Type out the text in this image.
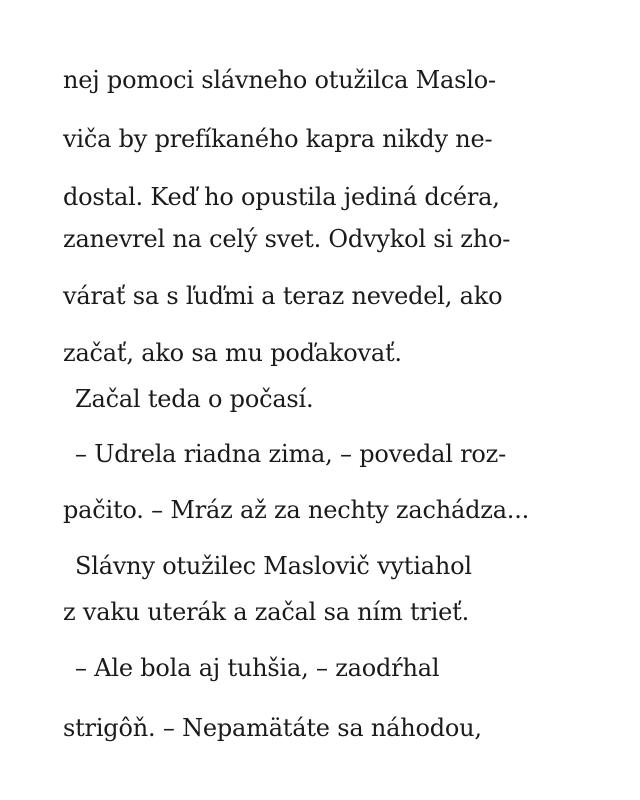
nej pomoci slávneho otužilca Maslo-
viča by prefíkaného kapra nikdy ne-
dostal. Keď ho opustila jediná dcéra,
zanevrel na celý svet. Odvykol si zho-
várať sa s ľuďmi a teraz nevedel, ako
začať, ako sa mu poďakovať.
Začal teda o počasí.
– Udrela riadna zima, – povedal roz-
pačito. – Mráz až za nechty zachádza...
Slávny otužilec Maslovič vytiahol
z vaku uterák a začal sa ním trieť.
– Ale bola aj tuhšia, – zaodŕhal
strigôň. – Nepamätáte sa náhodou,
